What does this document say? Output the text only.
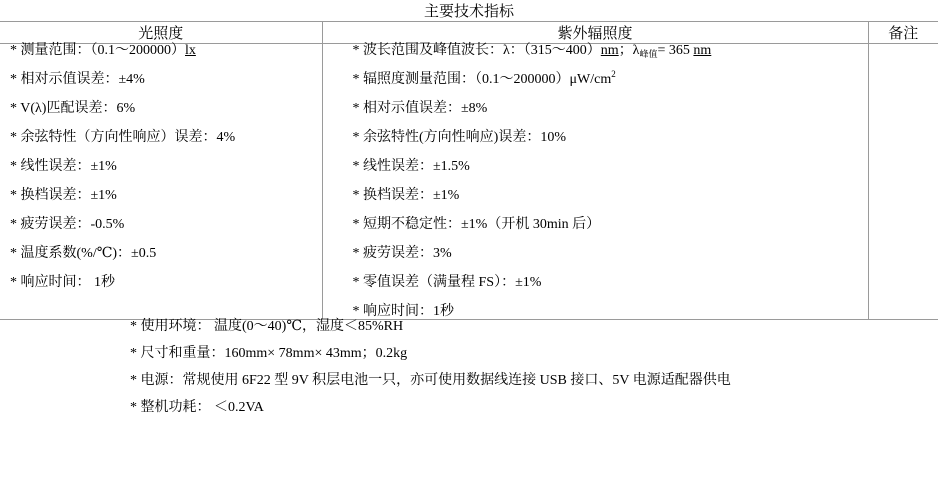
主要技术指标		
光照度	紫外辐照度	备注

* 测量范围：（0.1～200000）lx
* 相对示值误差：±4%
* V(λ)匹配误差：6%
* 余弦特性（方向性响应）误差：4%
* 线性误差：±1%
* 换档误差：±1%
* 疲劳误差：-0.5%
* 温度系数(%/℃)：±0.5
* 响应时间： 1秒

* 波长范围及峰值波长：λ：（315～400）nm；$\lambda_{峰值}= 365$ nm
* 辐照度测量范围：$(0.1\sim 200000)\mu W/cm^2$
* 相对示值误差：±8%
* 余弦特性(方向性响应)误差：10%
* 线性误差：±1.5%
* 换档误差：±1%
* 短期不稳定性：±1%（开机 30min 后）
* 疲劳误差：3%
* 零值误差（满量程 FS）：±1%
* 响应时间：1秒

* 使用环境： 温度(0～40)℃，湿度＜85%RH
* 尺寸和重量：160mm× 78mm× 43mm；0.2kg
* 电源：常规使用 6F22 型 9V 积层电池一只，亦可使用数据线连接 USB 接口、5V 电源适配器供电
* 整机功耗： ＜0.2VA
